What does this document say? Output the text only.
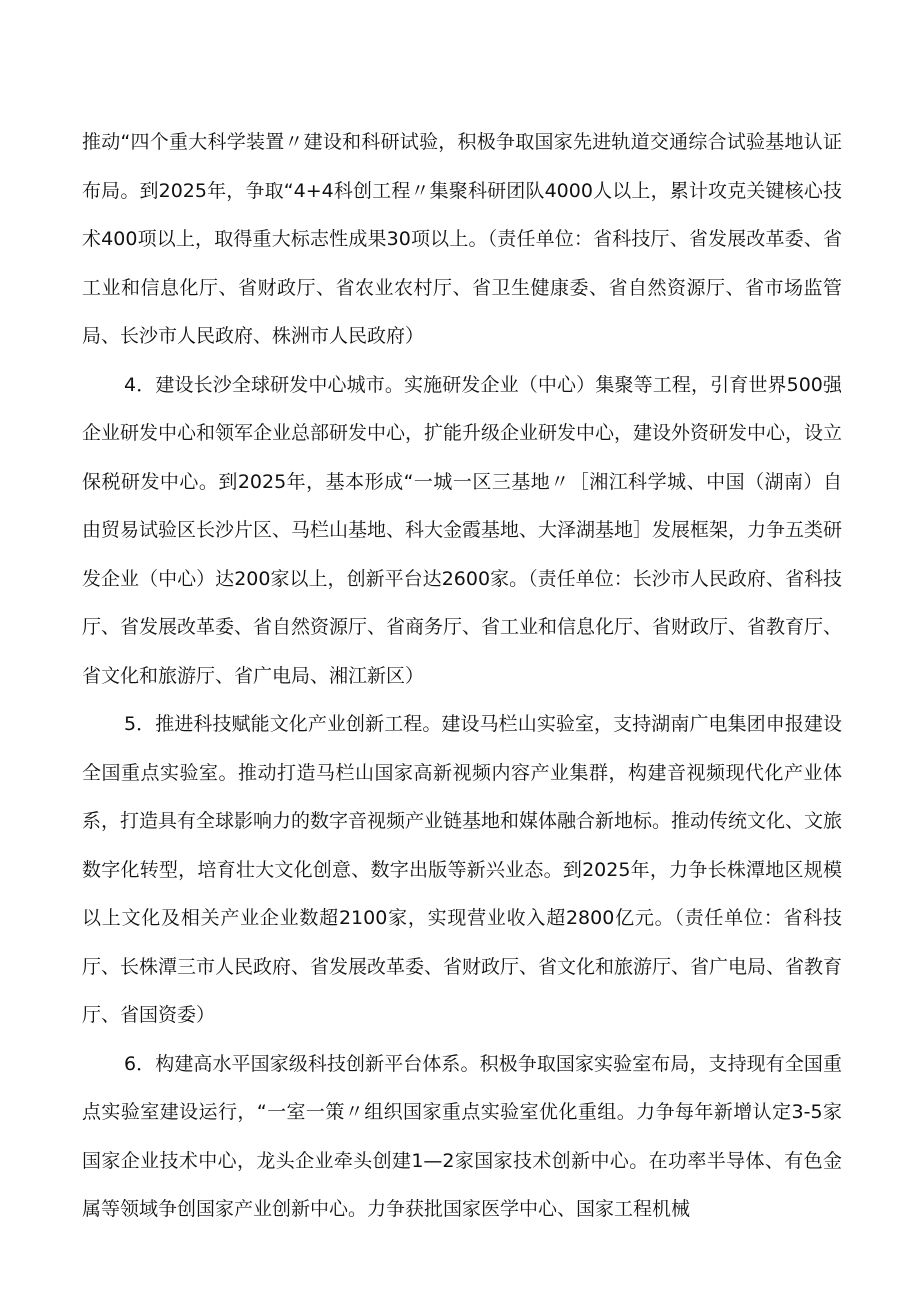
推动“四个重大科学装置〃建设和科研试验，积极争取国家先进轨道交通综合试验基地认证布局。到2025年，争取“4+4科创工程〃集聚科研团队4000人以上，累计攻克关键核心技术400项以上，取得重大标志性成果30项以上。（责任单位：省科技厅、省发展改革委、省工业和信息化厅、省财政厅、省农业农村厅、省卫生健康委、省自然资源厅、省市场监管局、长沙市人民政府、株洲市人民政府）

4．建设长沙全球研发中心城市。实施研发企业（中心）集聚等工程，引育世界500强企业研发中心和领军企业总部研发中心，扩能升级企业研发中心，建设外资研发中心，设立保税研发中心。到2025年，基本形成“一城一区三基地〃［湘江科学城、中国（湖南）自由贸易试验区长沙片区、马栏山基地、科大金霞基地、大泽湖基地］发展框架，力争五类研发企业（中心）达200家以上，创新平台达2600家。（责任单位：长沙市人民政府、省科技厅、省发展改革委、省自然资源厅、省商务厅、省工业和信息化厅、省财政厅、省教育厅、省文化和旅游厅、省广电局、湘江新区）

5．推进科技赋能文化产业创新工程。建设马栏山实验室，支持湖南广电集团申报建设全国重点实验室。推动打造马栏山国家高新视频内容产业集群，构建音视频现代化产业体系，打造具有全球影响力的数字音视频产业链基地和媒体融合新地标。推动传统文化、文旅数字化转型，培育壮大文化创意、数字出版等新兴业态。到2025年，力争长株潭地区规模以上文化及相关产业企业数超2100家，实现营业收入超2800亿元。（责任单位：省科技厅、长株潭三市人民政府、省发展改革委、省财政厅、省文化和旅游厅、省广电局、省教育厅、省国资委）

6．构建高水平国家级科技创新平台体系。积极争取国家实验室布局，支持现有全国重点实验室建设运行，“一室一策〃组织国家重点实验室优化重组。力争每年新增认定3-5家国家企业技术中心，龙头企业牵头创建1—2家国家技术创新中心。在功率半导体、有色金属等领域争创国家产业创新中心。力争获批国家医学中心、国家工程机械
